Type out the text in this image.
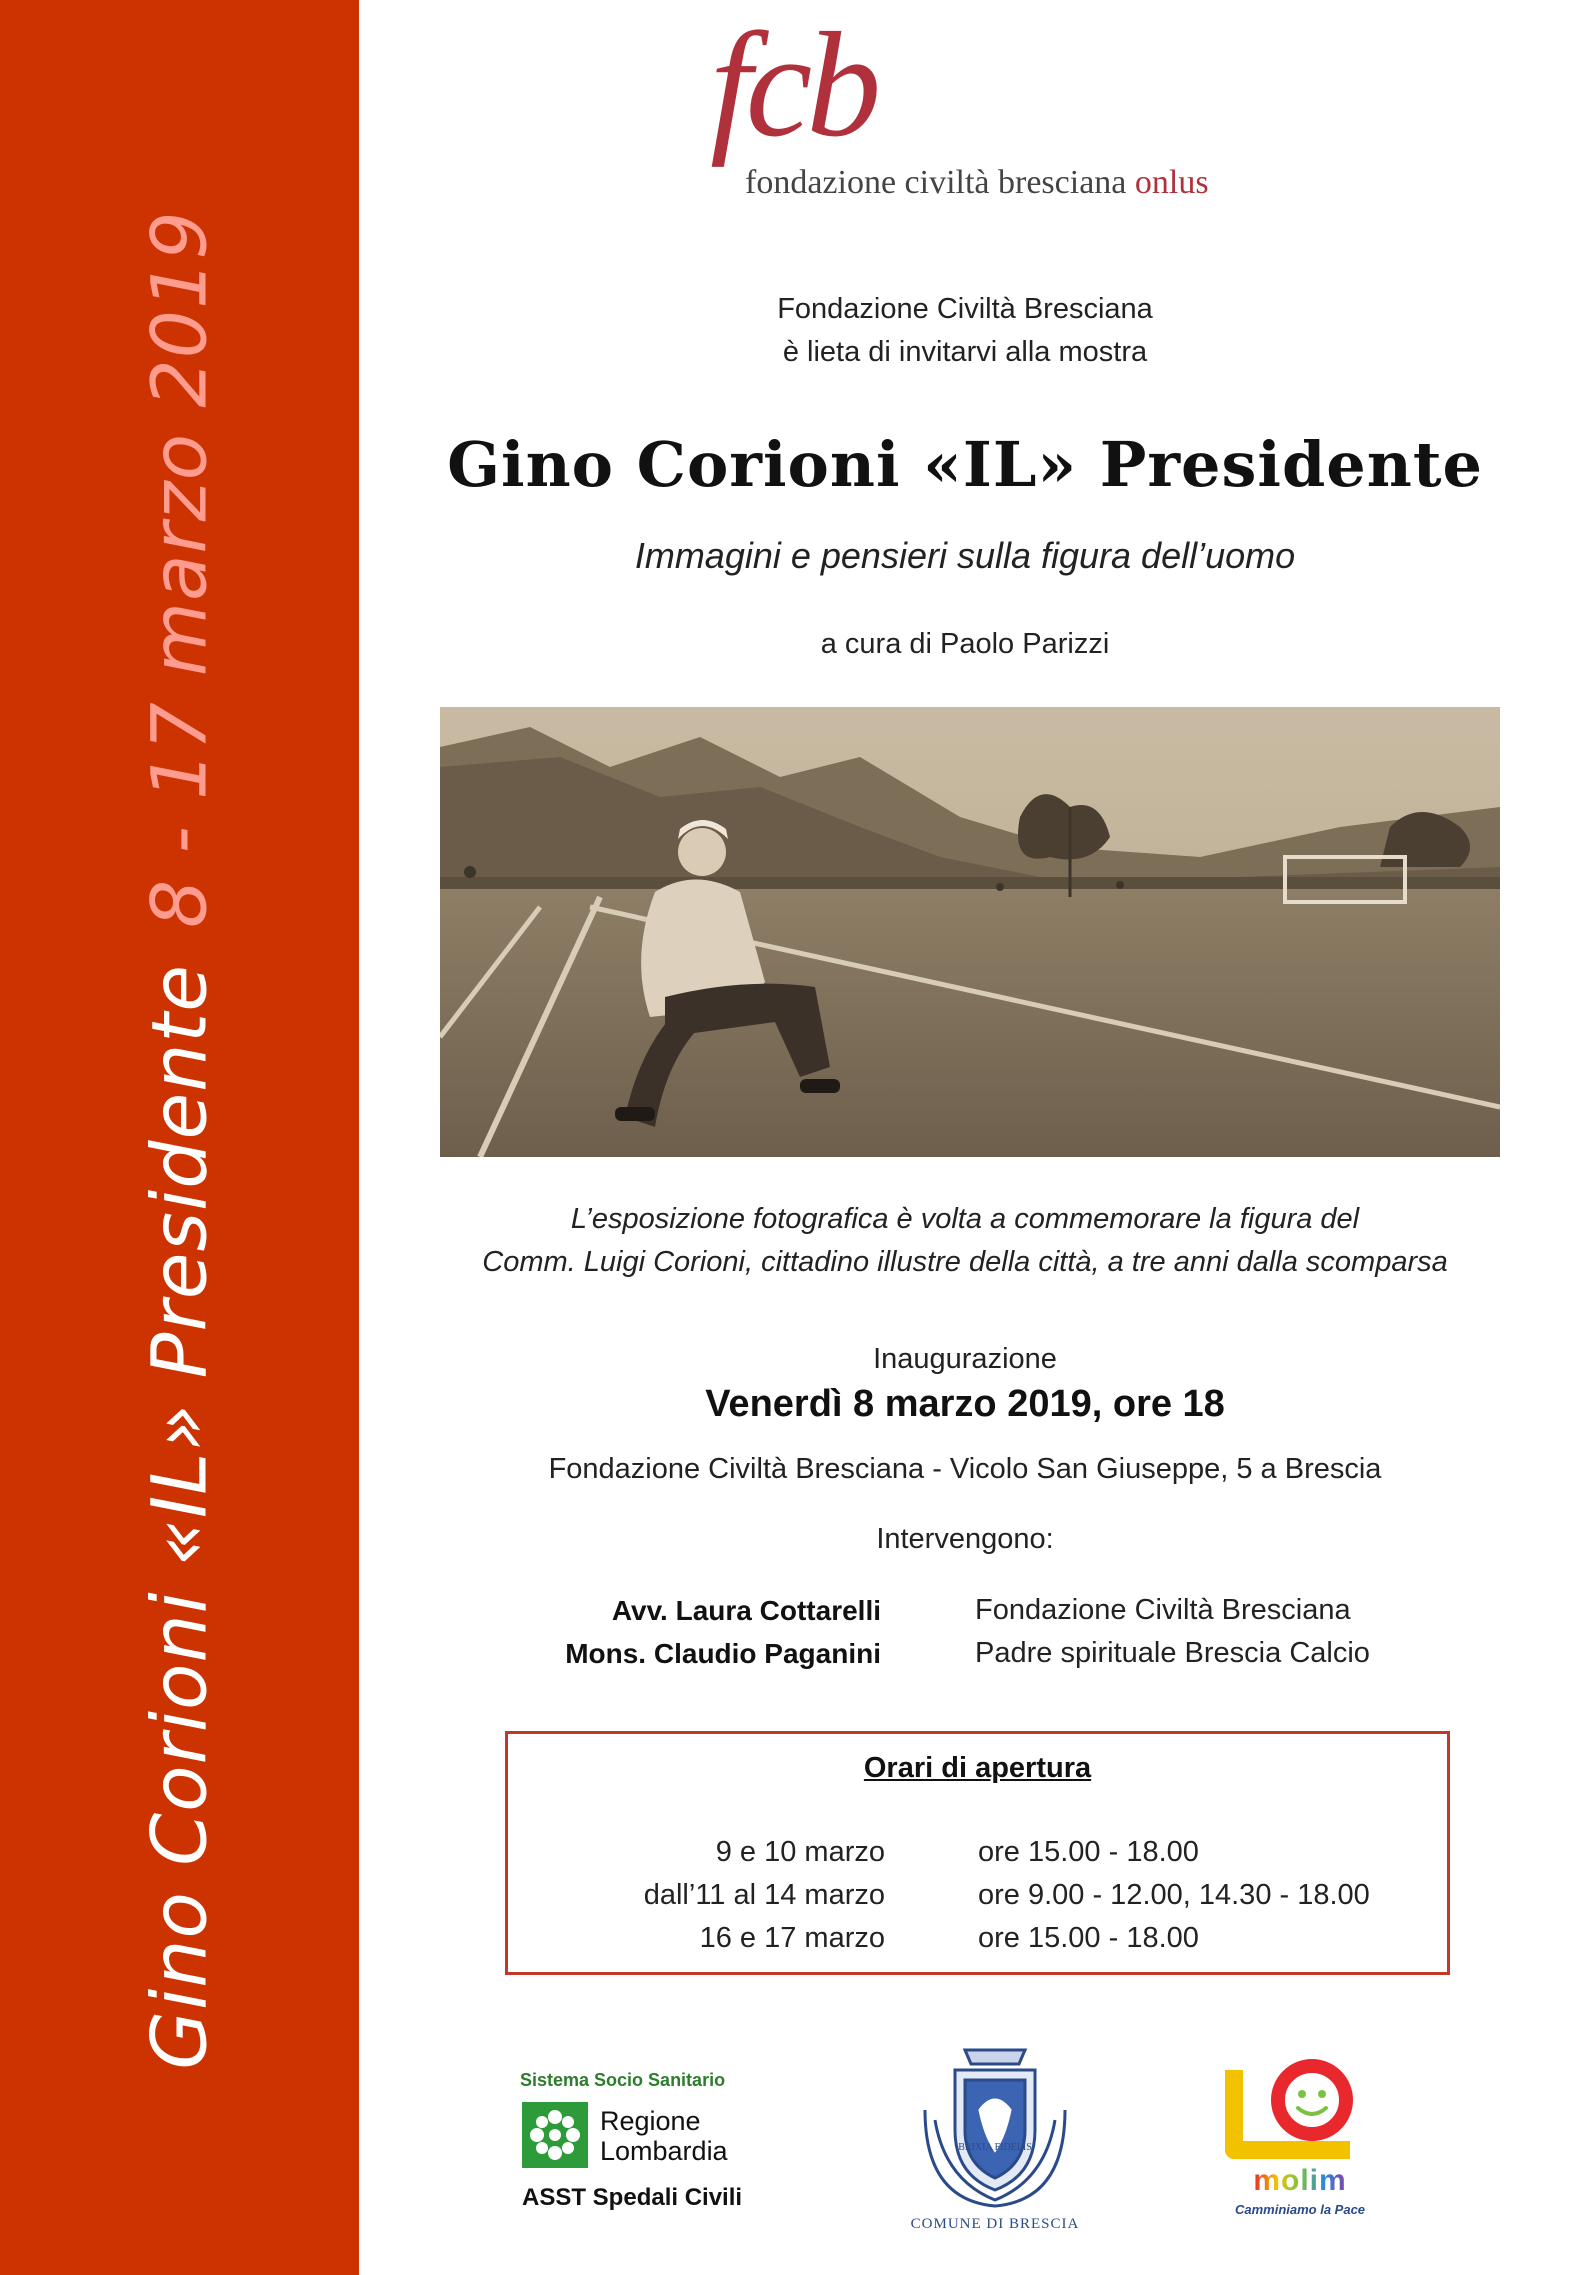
Gino Corioni «IL» Presidente8 - 17 marzo 2019
fcb
fondazione civiltà bresciana onlus
Fondazione Civiltà Bresciana
è lieta di invitarvi alla mostra
Gino Corioni «IL» Presidente
Immagini e pensieri sulla figura dell’uomo
a cura di Paolo Parizzi
L’esposizione fotografica è volta a commemorare la figura del
Comm. Luigi Corioni, cittadino illustre della città, a tre anni dalla scomparsa
Inaugurazione
Venerdì 8 marzo 2019, ore 18
Fondazione Civiltà Bresciana - Vicolo San Giuseppe, 5 a Brescia
Intervengono:
Avv. Laura Cottarelli
Mons. Claudio Paganini
Fondazione Civiltà Bresciana
Padre spirituale Brescia Calcio
Orari di apertura
9 e 10 marzo
dall’11 al 14 marzo
16 e 17 marzo
ore 15.00 - 18.00
ore 9.00 - 12.00, 14.30 - 18.00
ore 15.00 - 18.00
Sistema Socio Sanitario
Regione
Lombardia
ASST Spedali Civili
BRIXIA FIDELIS
COMUNE DI BRESCIA
molim
Camminiamo la Pace
